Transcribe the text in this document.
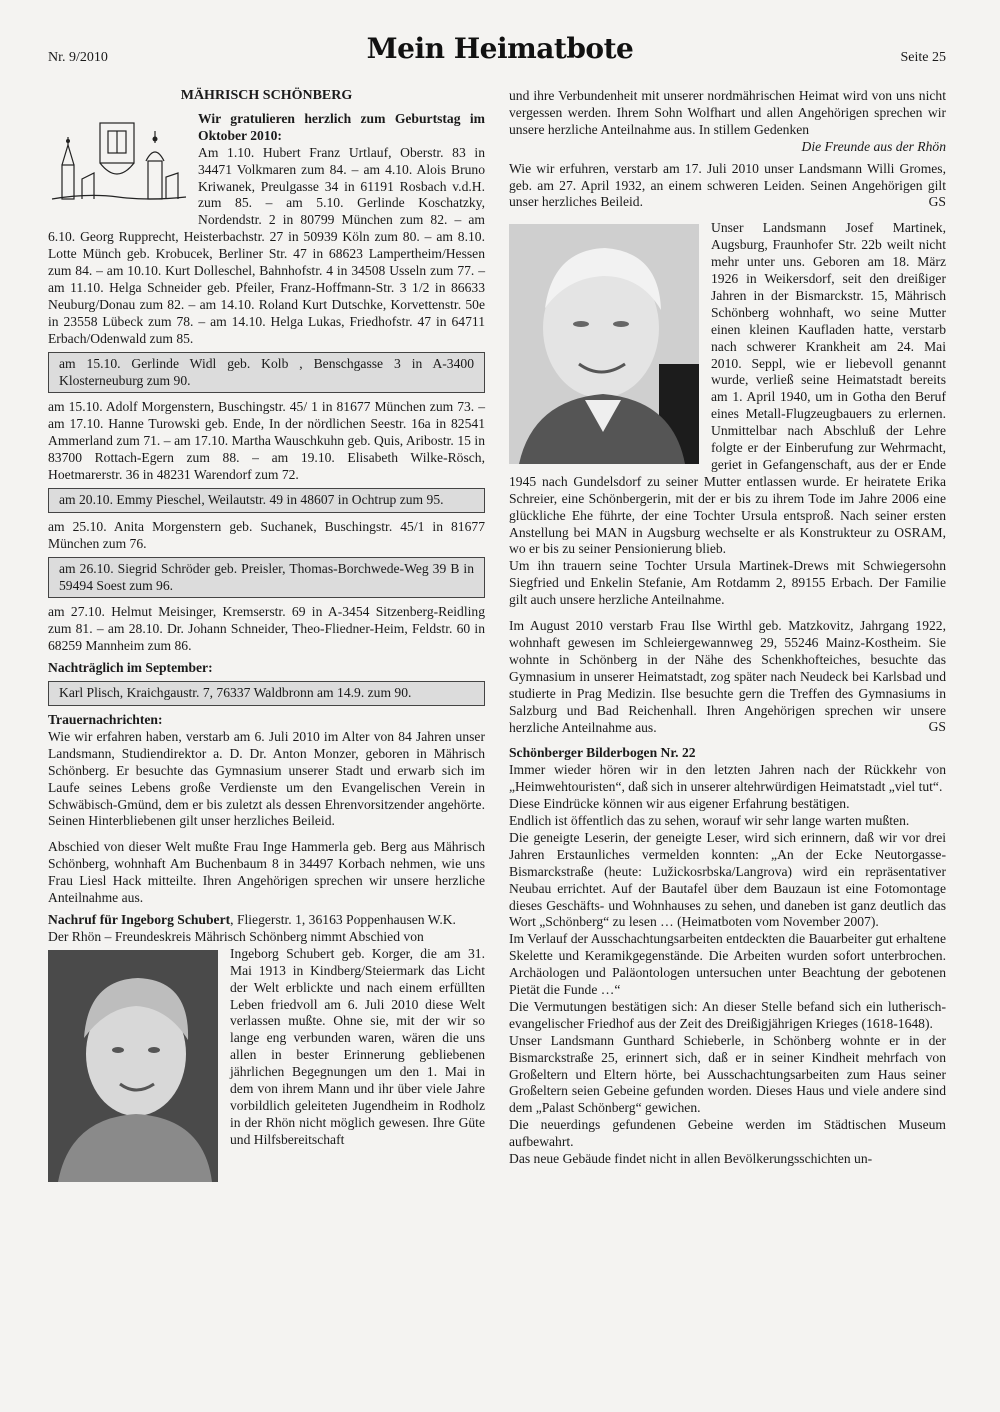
Nr. 9/2010	Mein Heimatbote	Seite 25
MÄHRISCH SCHÖNBERG

Wir gratulieren herzlich zum Geburtstag im Oktober 2010:

Am 1.10. Hubert Franz Urtlauf, Oberstr. 83 in 34471 Volkmaren zum 84. – am 4.10. Alois Bruno Kriwanek, Preulgasse 34 in 61191 Rosbach v.d.H. zum 85. – am 5.10. Gerlinde Koschatzky, Nordendstr. 2 in 80799 München zum 82. – am 6.10. Georg Rupprecht, Heisterbachstr. 27 in 50939 Köln zum 80. – am 8.10. Lotte Münch geb. Krobucek, Berliner Str. 47 in 68623 Lampertheim/Hessen zum 84. – am 10.10. Kurt Dolleschel, Bahnhofstr. 4 in 34508 Usseln zum 77. – am 11.10. Helga Schneider geb. Pfeiler, Franz-Hoffmann-Str. 3 1/2 in 86633 Neuburg/Donau zum 82. – am 14.10. Roland Kurt Dutschke, Korvettenstr. 50e in 23558 Lübeck zum 78. – am 14.10. Helga Lukas, Friedhofstr. 47 in 64711 Erbach/Odenwald zum 85.

am 15.10. Gerlinde Widl geb. Kolb , Benschgasse 3 in A-3400 Klosterneuburg zum 90.

am 15.10. Adolf Morgenstern, Buschingstr. 45/ 1 in 81677 München zum 73. – am 17.10. Hanne Turowski geb. Ende, In der nördlichen Seestr. 16a in 82541 Ammerland zum 71. – am 17.10. Martha Wauschkuhn geb. Quis, Aribostr. 15 in 83700 Rottach-Egern zum 88. – am 19.10. Elisabeth Wilke-Rösch, Hoetmarerstr. 36 in 48231 Warendorf zum 72.

am 20.10. Emmy Pieschel, Weilautstr. 49 in 48607 in Ochtrup zum 95.

am 25.10. Anita Morgenstern geb. Suchanek, Buschingstr. 45/1 in 81677 München zum 76.

am 26.10. Siegrid Schröder geb. Preisler, Thomas-Borchwede-Weg 39 B in 59494 Soest zum 96.

am 27.10. Helmut Meisinger, Kremserstr. 69 in A-3454 Sitzenberg-Reidling zum 81. – am 28.10. Dr. Johann Schneider, Theo-Fliedner-Heim, Feldstr. 60 in 68259 Mannheim zum 86.

Nachträglich im September:

Karl Plisch, Kraichgaustr. 7, 76337 Waldbronn am 14.9. zum 90.

Trauernachrichten:

Wie wir erfahren haben, verstarb am 6. Juli 2010 im Alter von 84 Jahren unser Landsmann, Studiendirektor a. D. Dr. Anton Monzer, geboren in Mährisch Schönberg. Er besuchte das Gymnasium unserer Stadt und erwarb sich im Laufe seines Lebens große Verdienste um den Evangelischen Verein in Schwäbisch-Gmünd, dem er bis zuletzt als dessen Ehrenvorsitzender angehörte. Seinen Hinterbliebenen gilt unser herzliches Beileid.

Abschied von dieser Welt mußte Frau Inge Hammerla geb. Berg aus Mährisch Schönberg, wohnhaft Am Buchenbaum 8 in 34497 Korbach nehmen, wie uns Frau Liesl Hack mitteilte. Ihren Angehörigen sprechen wir unsere herzliche Anteilnahme aus.

Nachruf für Ingeborg Schubert, Fliegerstr. 1, 36163 Poppenhausen W.K.

Der Rhön – Freundeskreis Mährisch Schönberg nimmt Abschied von

Ingeborg Schubert geb. Korger, die am 31. Mai 1913 in Kindberg/Steiermark das Licht der Welt erblickte und nach einem erfüllten Leben friedvoll am 6. Juli 2010 diese Welt verlassen mußte. Ohne sie, mit der wir so lange eng verbunden waren, wären die uns allen in bester Erinnerung gebliebenen jährlichen Begegnungen um den 1. Mai in dem von ihrem Mann und ihr über viele Jahre vorbildlich geleiteten Jugendheim in Rodholz in der Rhön nicht möglich gewesen. Ihre Güte und Hilfsbereitschaft

und ihre Verbundenheit mit unserer nordmährischen Heimat wird von uns nicht vergessen werden. Ihrem Sohn Wolfhart und allen Angehörigen sprechen wir unsere herzliche Anteilnahme aus. In stillem Gedenken

Die Freunde aus der Rhön

Wie wir erfuhren, verstarb am 17. Juli 2010 unser Landsmann Willi Gromes, geb. am 27. April 1932, an einem schweren Leiden. Seinen Angehörigen gilt unser herzliches Beileid.	GS

Unser Landsmann Josef Martinek, Augsburg, Fraunhofer Str. 22b weilt nicht mehr unter uns. Geboren am 18. März 1926 in Weikersdorf, seit den dreißiger Jahren in der Bismarckstr. 15, Mährisch Schönberg wohnhaft, wo seine Mutter einen kleinen Kaufladen hatte, verstarb nach schwerer Krankheit am 24. Mai 2010. Seppl, wie er liebevoll genannt wurde, verließ seine Heimatstadt bereits am 1. April 1940, um in Gotha den Beruf eines Metall-Flugzeugbauers zu erlernen. Unmittelbar nach Abschluß der Lehre folgte er der Einberufung zur Wehrmacht, geriet in Gefangenschaft, aus der er Ende 1945 nach Gundelsdorf zu seiner Mutter entlassen wurde. Er heiratete Erika Schreier, eine Schönbergerin, mit der er bis zu ihrem Tode im Jahre 2006 eine glückliche Ehe führte, der eine Tochter Ursula entsproß. Nach seiner ersten Anstellung bei MAN in Augsburg wechselte er als Konstrukteur zu OSRAM, wo er bis zu seiner Pensionierung blieb.

Um ihn trauern seine Tochter Ursula Martinek-Drews mit Schwiegersohn Siegfried und Enkelin Stefanie, Am Rotdamm 2, 89155 Erbach. Der Familie gilt auch unsere herzliche Anteilnahme.

Im August 2010 verstarb Frau Ilse Wirthl geb. Matzkovitz, Jahrgang 1922, wohnhaft gewesen im Schleiergewannweg 29, 55246 Mainz-Kostheim. Sie wohnte in Schönberg in der Nähe des Schenkhofteiches, besuchte das Gymnasium in unserer Heimatstadt, zog später nach Neudeck bei Karlsbad und studierte in Prag Medizin. Ilse besuchte gern die Treffen des Gymnasiums in Salzburg und Bad Reichenhall. Ihren Angehörigen sprechen wir unsere herzliche Anteilnahme aus.	GS

Schönberger Bilderbogen Nr. 22

Immer wieder hören wir in den letzten Jahren nach der Rückkehr von „Heimwehtouristen“, daß sich in unserer altehrwürdigen Heimatstadt „viel tut“.

Diese Eindrücke können wir aus eigener Erfahrung bestätigen.

Endlich ist öffentlich das zu sehen, worauf wir sehr lange warten mußten.

Die geneigte Leserin, der geneigte Leser, wird sich erinnern, daß wir vor drei Jahren Erstaunliches vermelden konnten: „An der Ecke Neutorgasse-Bismarckstraße (heute: Lužickosrbska/Langrova) wird ein repräsentativer Neubau errichtet. Auf der Bautafel über dem Bauzaun ist eine Fotomontage dieses Geschäfts- und Wohnhauses zu sehen, und daneben ist ganz deutlich das Wort „Schönberg“ zu lesen … (Heimatboten vom November 2007).

Im Verlauf der Ausschachtungsarbeiten entdeckten die Bauarbeiter gut erhaltene Skelette und Keramikgegenstände. Die Arbeiten wurden sofort unterbrochen. Archäologen und Paläontologen untersuchen unter Beachtung der gebotenen Pietät die Funde …“

Die Vermutungen bestätigen sich: An dieser Stelle befand sich ein lutherisch-evangelischer Friedhof aus der Zeit des Dreißigjährigen Krieges (1618-1648).

Unser Landsmann Gunthard Schieberle, in Schönberg wohnte er in der Bismarckstraße 25, erinnert sich, daß er in seiner Kindheit mehrfach von Großeltern und Eltern hörte, bei Ausschachtungsarbeiten zum Haus seiner Großeltern seien Gebeine gefunden worden. Dieses Haus und viele andere sind dem „Palast Schönberg“ gewichen.

Die neuerdings gefundenen Gebeine werden im Städtischen Museum aufbewahrt.

Das neue Gebäude findet nicht in allen Bevölkerungsschichten un-
